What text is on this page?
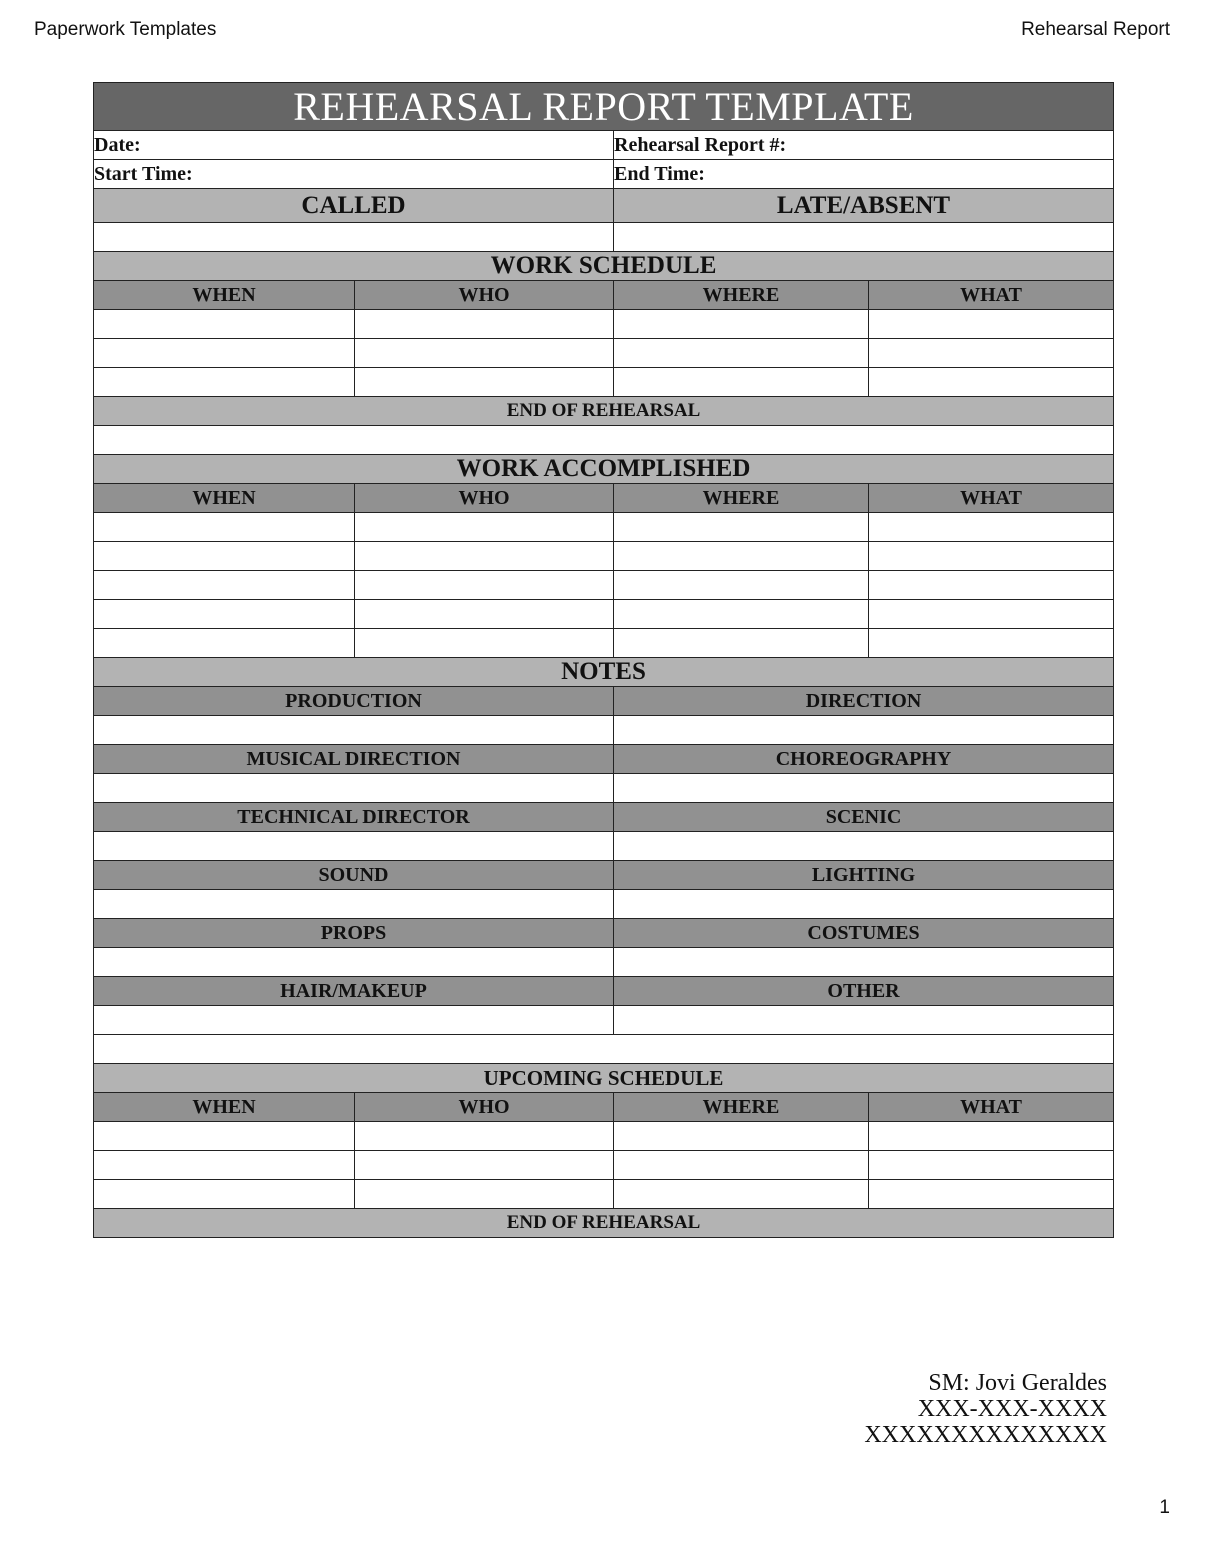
Paperwork Templates	Rehearsal Report
REHEARSAL REPORT TEMPLATE			
Date:		Rehearsal Report #:	
Start Time:		End Time:	
CALLED		LATE/ABSENT	

WORK SCHEDULE			
WHEN	WHO	WHERE	WHAT

END OF REHEARSAL			

WORK ACCOMPLISHED			
WHEN	WHO	WHERE	WHAT

NOTES			
PRODUCTION		DIRECTION	

MUSICAL DIRECTION		CHOREOGRAPHY	

TECHNICAL DIRECTOR		SCENIC	

SOUND		LIGHTING	

PROPS		COSTUMES	

HAIR/MAKEUP		OTHER	

UPCOMING SCHEDULE			
WHEN	WHO	WHERE	WHAT

END OF REHEARSAL			
SM: Jovi Geraldes
XXX-XXX-XXXX
XXXXXXXXXXXXXX
1
